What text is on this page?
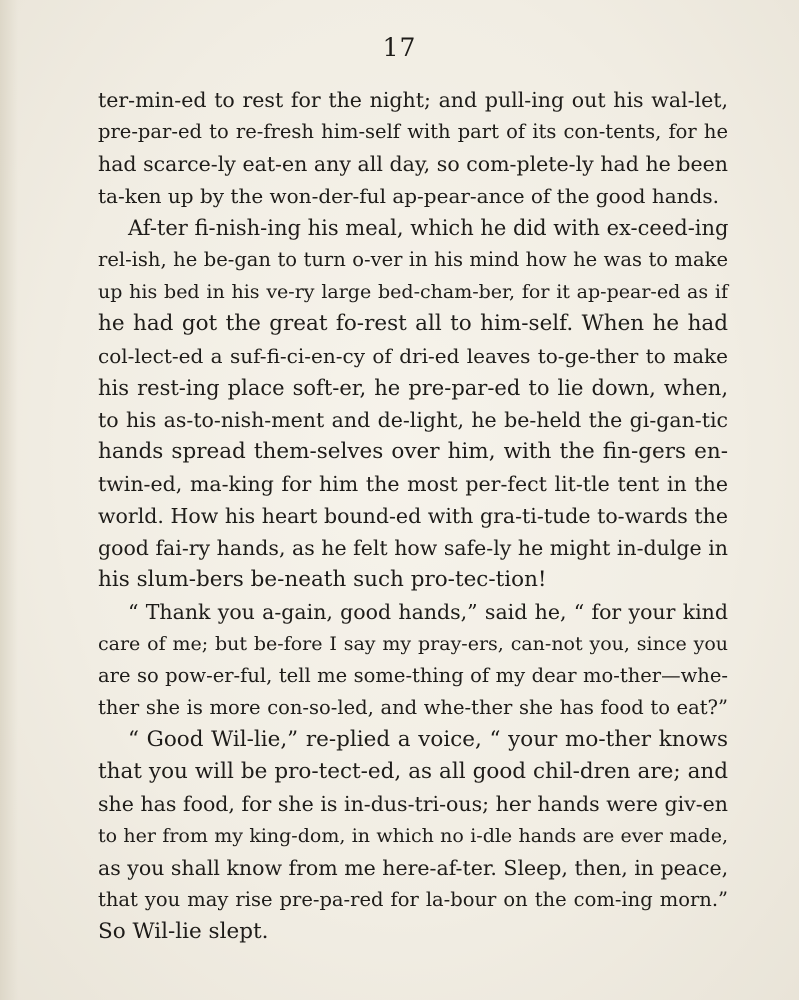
17
ter-min-ed to rest for the night; and pull-ing out his wal-let,
pre-par-ed to re-fresh him-self with part of its con-tents, for he
had scarce-ly eat-en any all day, so com-plete-ly had he been
ta-ken up by the won-der-ful ap-pear-ance of the good hands.
Af-ter fi-nish-ing his meal, which he did with ex-ceed-ing
rel-ish, he be-gan to turn o-ver in his mind how he was to make
up his bed in his ve-ry large bed-cham-ber, for it ap-pear-ed as if
he had got the great fo-rest all to him-self. When he had
col-lect-ed a suf-fi-ci-en-cy of dri-ed leaves to-ge-ther to make
his rest-ing place soft-er, he pre-par-ed to lie down, when,
to his as-to-nish-ment and de-light, he be-held the gi-gan-tic
hands spread them-selves over him, with the fin-gers en-
twin-ed, ma-king for him the most per-fect lit-tle tent in the
world. How his heart bound-ed with gra-ti-tude to-wards the
good fai-ry hands, as he felt how safe-ly he might in-dulge in
his slum-bers be-neath such pro-tec-tion!
“ Thank you a-gain, good hands,” said he, “ for your kind
care of me; but be-fore I say my pray-ers, can-not you, since you
are so pow-er-ful, tell me some-thing of my dear mo-ther—whe-
ther she is more con-so-led, and whe-ther she has food to eat?”
“ Good Wil-lie,” re-plied a voice, “ your mo-ther knows
that you will be pro-tect-ed, as all good chil-dren are; and
she has food, for she is in-dus-tri-ous; her hands were giv-en
to her from my king-dom, in which no i-dle hands are ever made,
as you shall know from me here-af-ter. Sleep, then, in peace,
that you may rise pre-pa-red for la-bour on the com-ing morn.”
So Wil-lie slept.
